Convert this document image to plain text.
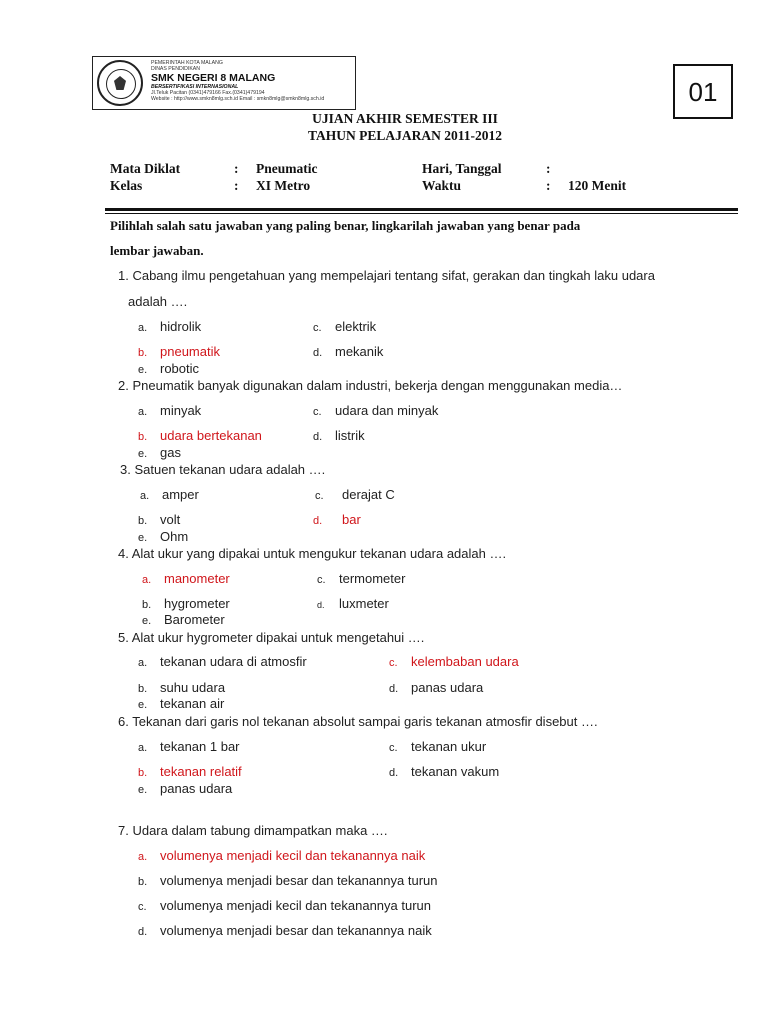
PEMERINTAH KOTA MALANG
DINAS PENDIDIKAN
SMK NEGERI 8 MALANG
BERSERTIFIKASI INTERNASIONAL
Jl.Teluk Pacitan (0341)479166 Fax.(0341)479194
Website : http://www.smkn8mlg.sch.id Email : smkn8mlg@smkn8mlg.sch.id	01
UJIAN AKHIR SEMESTER III
TAHUN PELAJARAN 2011-2012
Mata Diklat	: Pneumatic	Hari, Tanggal	:
Kelas	: XI Metro	Waktu	: 120 Menit
Pilihlah salah satu jawaban yang paling benar, lingkarilah jawaban yang benar pada
lembar jawaban.
1. Cabang ilmu pengetahuan yang mempelajari tentang sifat, gerakan dan tingkah laku udara
adalah ….
a. hidrolik	c. elektrik
b. pneumatik	d. mekanik
e. robotic
2. Pneumatik banyak digunakan dalam industri, bekerja dengan menggunakan media…
a. minyak	c. udara dan minyak
b. udara bertekanan	d. listrik
e. gas
3. Satuen tekanan udara adalah ….
a. amper	c. derajat C
b. volt	d. bar
e. Ohm
4. Alat ukur yang dipakai untuk mengukur tekanan udara adalah ….
a. manometer	c. termometer
b. hygrometer	d. luxmeter
e. Barometer
5. Alat ukur hygrometer dipakai untuk mengetahui ….
a. tekanan udara di atmosfir	c. kelembaban udara
b. suhu udara	d. panas udara
e. tekanan air
6. Tekanan dari garis nol tekanan absolut sampai garis tekanan atmosfir disebut ….
a. tekanan 1 bar	c. tekanan ukur
b. tekanan relatif	d. tekanan vakum
e. panas udara
7. Udara dalam tabung dimampatkan maka ….
a. volumenya menjadi kecil dan tekanannya naik
b. volumenya menjadi besar dan tekanannya turun
c. volumenya menjadi kecil dan tekanannya turun
d. volumenya menjadi besar dan tekanannya naik
